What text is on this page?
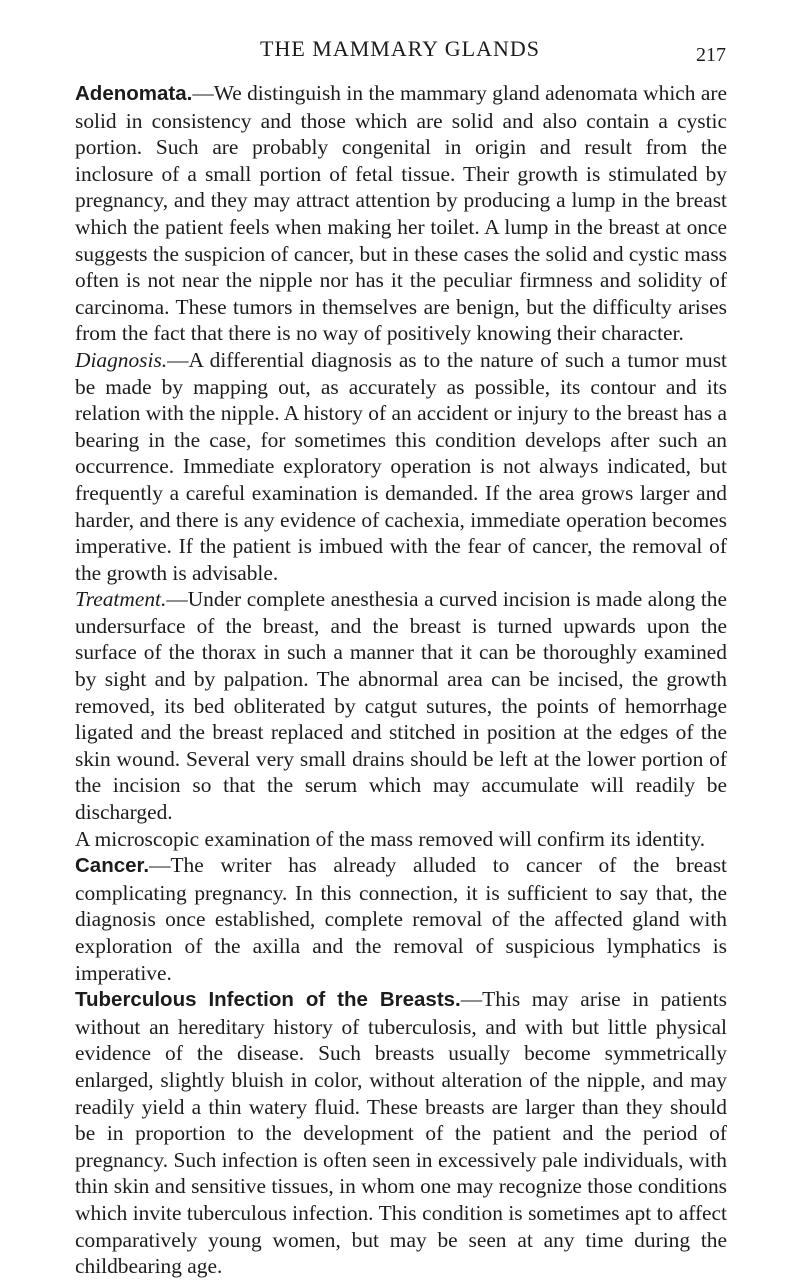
THE MAMMARY GLANDS	217

Adenomata.—We distinguish in the mammary gland adenomata which are solid in consistency and those which are solid and also contain a cystic portion. Such are probably congenital in origin and result from the inclosure of a small portion of fetal tissue. Their growth is stimulated by pregnancy, and they may attract attention by producing a lump in the breast which the patient feels when making her toilet. A lump in the breast at once suggests the suspicion of cancer, but in these cases the solid and cystic mass often is not near the nipple nor has it the peculiar firmness and solidity of carcinoma. These tumors in themselves are benign, but the difficulty arises from the fact that there is no way of positively knowing their character.

Diagnosis.—A differential diagnosis as to the nature of such a tumor must be made by mapping out, as accurately as possible, its contour and its relation with the nipple. A history of an accident or injury to the breast has a bearing in the case, for sometimes this condition develops after such an occurrence. Immediate exploratory operation is not always indicated, but frequently a careful examination is demanded. If the area grows larger and harder, and there is any evidence of cachexia, immediate operation becomes imperative. If the patient is imbued with the fear of cancer, the removal of the growth is advisable.

Treatment.—Under complete anesthesia a curved incision is made along the undersurface of the breast, and the breast is turned upwards upon the surface of the thorax in such a manner that it can be thoroughly examined by sight and by palpation. The abnormal area can be incised, the growth removed, its bed obliterated by catgut sutures, the points of hemorrhage ligated and the breast replaced and stitched in position at the edges of the skin wound. Several very small drains should be left at the lower portion of the incision so that the serum which may accumulate will readily be discharged.

A microscopic examination of the mass removed will confirm its identity.

Cancer.—The writer has already alluded to cancer of the breast complicating pregnancy. In this connection, it is sufficient to say that, the diagnosis once established, complete removal of the affected gland with exploration of the axilla and the removal of suspicious lymphatics is imperative.

Tuberculous Infection of the Breasts.—This may arise in patients without an hereditary history of tuberculosis, and with but little physical evidence of the disease. Such breasts usually become symmetrically enlarged, slightly bluish in color, without alteration of the nipple, and may readily yield a thin watery fluid. These breasts are larger than they should be in proportion to the development of the patient and the period of pregnancy. Such infection is often seen in excessively pale individuals, with thin skin and sensitive tissues, in whom one may recognize those conditions which invite tuberculous infection. This condition is sometimes apt to affect comparatively young women, but may be seen at any time during the childbearing age.
